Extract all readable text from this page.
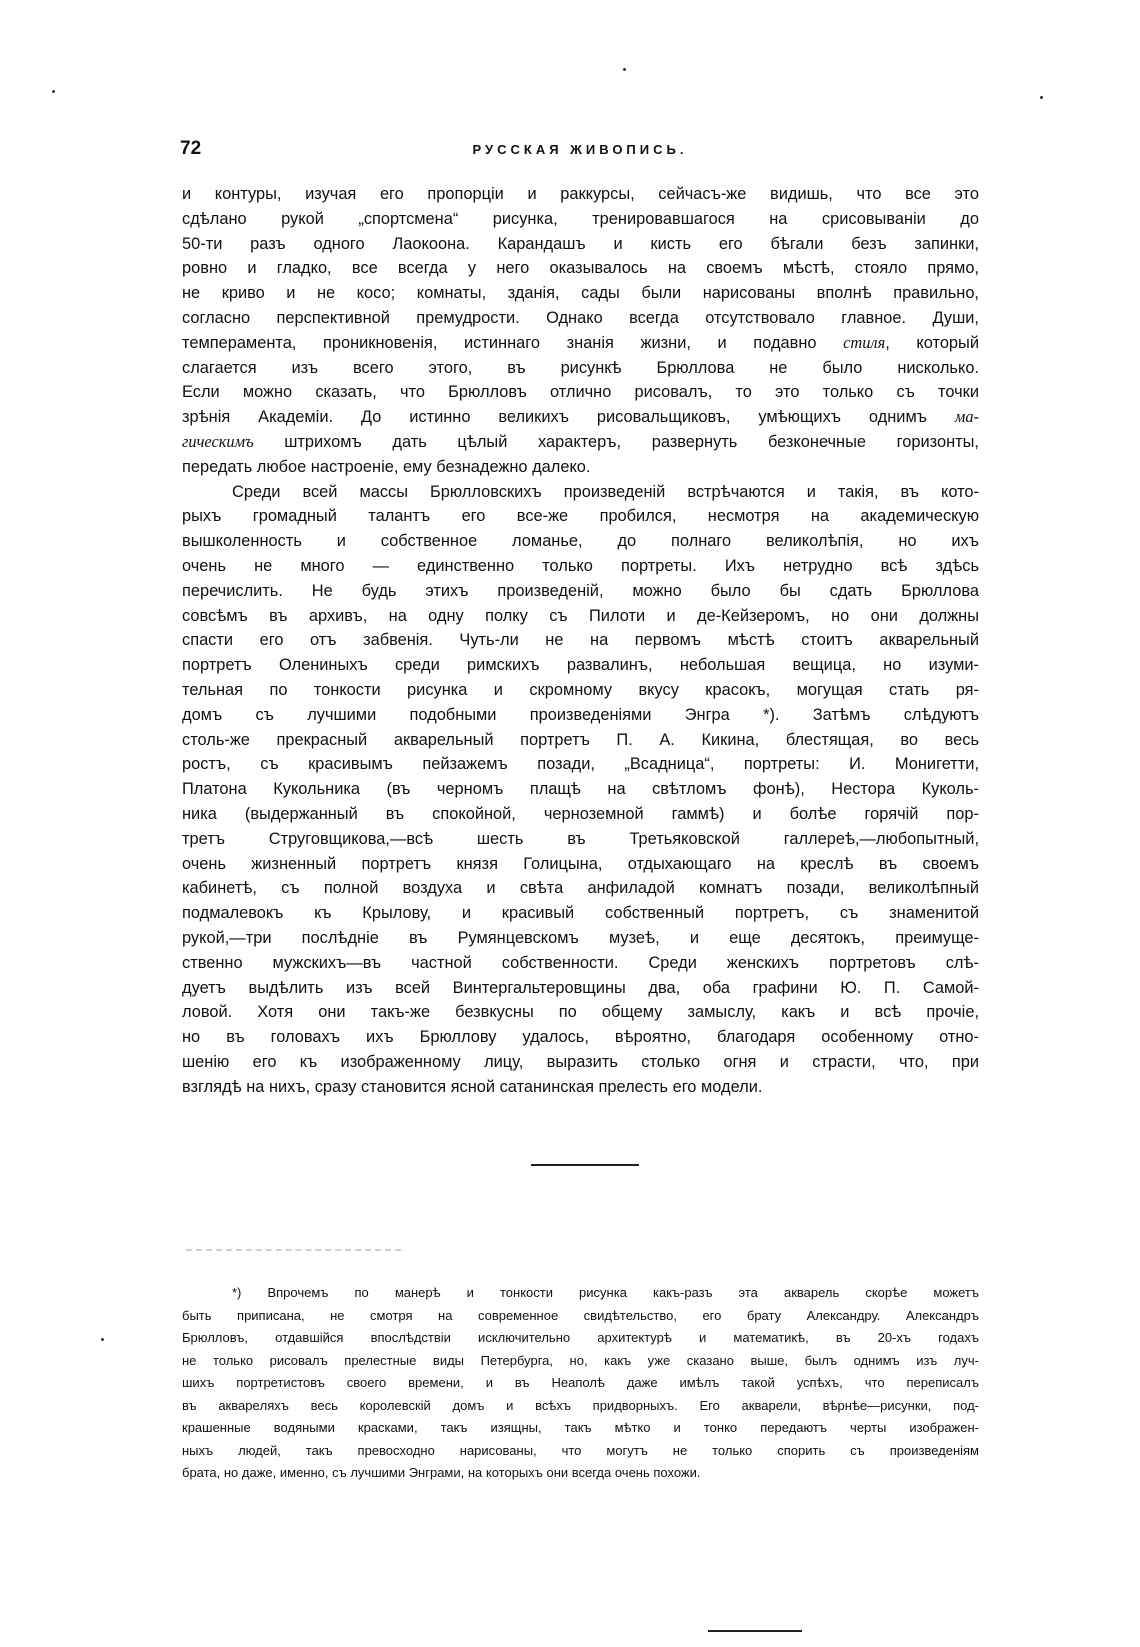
72	РУССКАЯ ЖИВОПИСЬ.
и контуры, изучая его пропорцiи и раккурсы, сейчасъ-же видишь, что все это
сдѣлано рукой „спортсмена“ рисунка, тренировавшагося на срисовываніи до
50-ти разъ одного Лаокоона. Карандашъ и кисть его бѣгали безъ запинки,
ровно и гладко, все всегда у него оказывалось на своемъ мѣстѣ, стояло прямо,
не криво и не косо; комнаты, зданія, сады были нарисованы вполнѣ правильно,
согласно перспективной премудрости. Однако всегда отсутствовало главное. Души,
темперамента, проникновенія, истиннаго знанія жизни, и подавно стиля, который
слагается изъ всего этого, въ рисункѣ Брюллова не было нисколько.
Если можно сказать, что Брюлловъ отлично рисовалъ, то это только съ точки
зрѣнія Академіи. До истинно великихъ рисовальщиковъ, умѣющихъ однимъ ма-
гическимъ штрихомъ дать цѣлый характеръ, развернуть безконечные горизонты,
передать любое настроеніе, ему безнадежно далеко.
Среди всей массы Брюлловскихъ произведеній встрѣчаются и такія, въ кото-
рыхъ громадный талантъ его все-же пробился, несмотря на академическую
вышколенность и собственное ломанье, до полнаго великолѣпія, но ихъ
очень не много — единственно только портреты. Ихъ нетрудно всѣ здѣсь
перечислить. Не будь этихъ произведеній, можно было бы сдать Брюллова
совсѣмъ въ архивъ, на одну полку съ Пилоти и де-Кейзеромъ, но они должны
спасти его отъ забвенія. Чуть-ли не на первомъ мѣстѣ стоитъ акварельный
портретъ Олениныхъ среди римскихъ развалинъ, небольшая вещица, но изуми-
тельная по тонкости рисунка и скромному вкусу красокъ, могущая стать ря-
домъ съ лучшими подобными произведеніями Энгра *). Затѣмъ слѣдуютъ
столь-же прекрасный акварельный портретъ П. А. Кикина, блестящая, во весь
ростъ, съ красивымъ пейзажемъ позади, „Всадница“, портреты: И. Монигетти,
Платона Кукольника (въ черномъ плащѣ на свѣтломъ фонѣ), Нестора Куколь-
ника (выдержанный въ спокойной, черноземной гаммѣ) и болѣе горячій пор-
третъ Струговщикова,—всѣ шесть въ Третьяковской галлереѣ,—любопытный,
очень жизненный портретъ князя Голицына, отдыхающаго на креслѣ въ своемъ
кабинетѣ, съ полной воздуха и свѣта анфиладой комнатъ позади, великолѣпный
подмалевокъ къ Крылову, и красивый собственный портретъ, съ знаменитой
рукой,—три послѣдніе въ Румянцевскомъ музеѣ, и еще десятокъ, преимуще-
ственно мужскихъ—въ частной собственности. Среди женскихъ портретовъ слѣ-
дуетъ выдѣлить изъ всей Винтергальтеровщины два, оба графини Ю. П. Самой-
ловой. Хотя они такъ-же безвкусны по общему замыслу, какъ и всѣ прочіе,
но въ головахъ ихъ Брюллову удалось, вѣроятно, благодаря особенному отно-
шенію его къ изображенному лицу, выразить столько огня и страсти, что, при
взглядѣ на нихъ, сразу становится ясной сатанинская прелесть его модели.
*) Впрочемъ по манерѣ и тонкости рисунка какъ-разъ эта акварель скорѣе можетъ
быть приписана, не смотря на современное свидѣтельство, его брату Александру. Александръ
Брюлловъ, отдавшійся впослѣдствіи исключительно архитектурѣ и математикѣ, въ 20-хъ годахъ
не только рисовалъ прелестные виды Петербурга, но, какъ уже сказано выше, былъ однимъ изъ луч-
шихъ портретистовъ своего времени, и въ Неаполѣ даже имѣлъ такой успѣхъ, что переписалъ
въ акварeляхъ весь королевскій домъ и всѣхъ придворныхъ. Его акварели, вѣрнѣе—рисунки, под-
крашенные водяными красками, такъ изящны, такъ мѣтко и тонко передаютъ черты изображен-
ныхъ людей, такъ превосходно нарисованы, что могутъ не только спорить съ произведеніям
брата, но даже, именно, съ лучшими Энграми, на которыхъ они всегда очень похожи.
